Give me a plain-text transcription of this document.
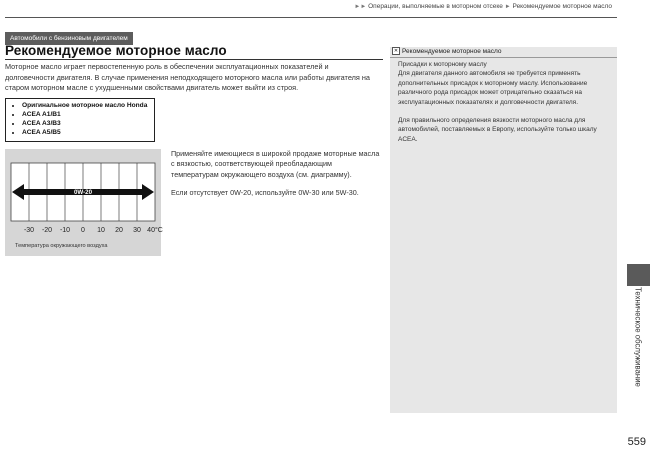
►► Операции, выполняемые в моторном отсеке ► Рекомендуемое моторное масло
Автомобили с бензиновым двигателем
Рекомендуемое моторное масло

Моторное масло играет первостепенную роль в обеспечении эксплуатационных показателей и долговечности двигателя. В случае применения неподходящего моторного масла или работы двигателя на старом моторном масле с ухудшенными свойствами двигатель может выйти из строя.

• Оригинальное моторное масло Honda
• ACEA A1/B1
• ACEA A3/B3
• ACEA A5/B5
0W-20
-30 -20 -10 0 10 20 30 40°C
Температура окружающего воздуха

Применяйте имеющиеся в широкой продаже моторные масла с вязкостью, соответствующей преобладающим температурам окружающего воздуха (см. диаграмму).

Если отсутствует 0W-20, используйте 0W-30 или 5W-30.

✕ Рекомендуемое моторное масло

Присадки к моторному маслу

Для двигателя данного автомобиля не требуется применять дополнительных присадок к моторному маслу. Использование различного рода присадок может отрицательно сказаться на эксплуатационных показателях и долговечности двигателя.

Для правильного определения вязкости моторного масла для автомобилей, поставляемых в Европу, используйте только шкалу ACEA.

Техническое обслуживание
559
